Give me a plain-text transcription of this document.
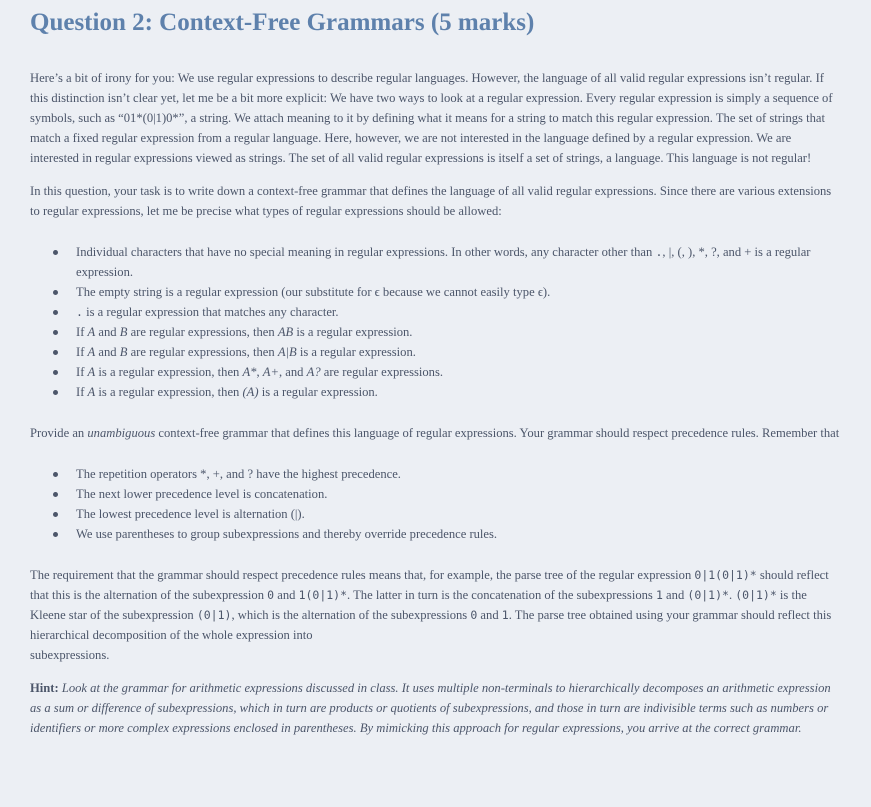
Question 2: Context-Free Grammars (5 marks)

Here’s a bit of irony for you: We use regular expressions to describe regular languages. However, the language of all valid regular expressions isn’t regular. If this distinction isn’t clear yet, let me be a bit more explicit: We have two ways to look at a regular expression. Every regular expression is simply a sequence of symbols, such as “01*(0|1)0*”, a string. We attach meaning to it by defining what it means for a string to match this regular expression. The set of strings that match a fixed regular expression from a regular language. Here, however, we are not interested in the language defined by a regular expression. We are interested in regular expressions viewed as strings. The set of all valid regular expressions is itself a set of strings, a language. This language is not regular!

In this question, your task is to write down a context-free grammar that defines the language of all valid regular expressions. Since there are various extensions to regular expressions, let me be precise what types of regular expressions should be allowed:

Individual characters that have no special meaning in regular expressions. In other words, any character other than ., |, (, ), *, ?, and + is a regular expression.
The empty string is a regular expression (our substitute for ϵ because we cannot easily type ϵ).
. is a regular expression that matches any character.
If A and B are regular expressions, then AB is a regular expression.
If A and B are regular expressions, then A|B is a regular expression.
If A is a regular expression, then A*, A+, and A? are regular expressions.
If A is a regular expression, then (A) is a regular expression.

Provide an unambiguous context-free grammar that defines this language of regular expressions. Your grammar should respect precedence rules. Remember that

The repetition operators *, +, and ? have the highest precedence.
The next lower precedence level is concatenation.
The lowest precedence level is alternation (|).
We use parentheses to group subexpressions and thereby override precedence rules.

The requirement that the grammar should respect precedence rules means that, for example, the parse tree of the regular expression 0|1(0|1)* should reflect that this is the alternation of the subexpression 0 and 1(0|1)*. The latter in turn is the concatenation of the subexpressions 1 and (0|1)*. (0|1)* is the Kleene star of the subexpression (0|1), which is the alternation of the subexpressions 0 and 1. The parse tree obtained using your grammar should reflect this hierarchical decomposition of the whole expression into
subexpressions.

Hint: Look at the grammar for arithmetic expressions discussed in class. It uses multiple non-terminals to hierarchically decomposes an arithmetic expression as a sum or difference of subexpressions, which in turn are products or quotients of subexpressions, and those in turn are indivisible terms such as numbers or identifiers or more complex expressions enclosed in parentheses. By mimicking this approach for regular expressions, you arrive at the correct grammar.
